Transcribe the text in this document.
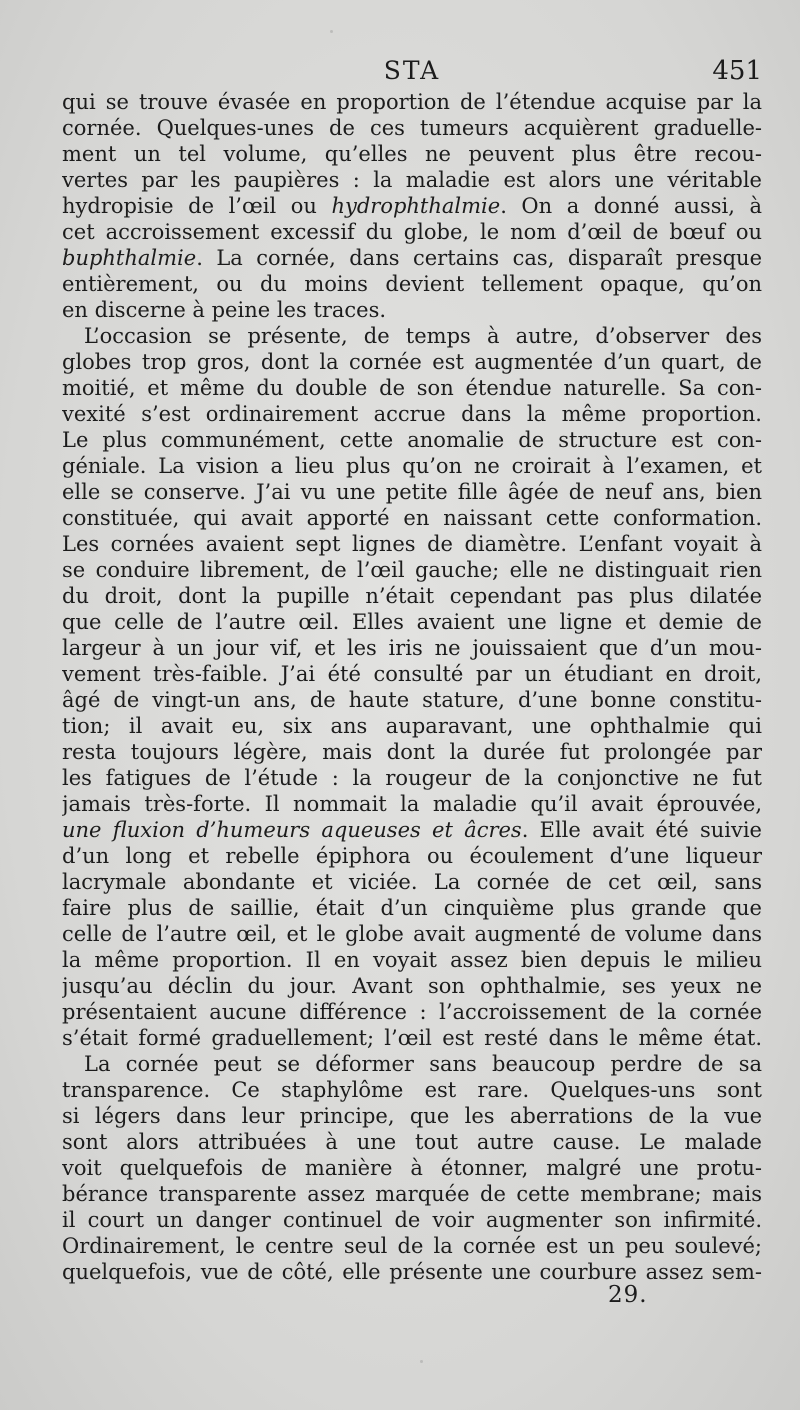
STA	451
qui se trouve évasée en proportion de l’étendue acquise par la
cornée. Quelques-unes de ces tumeurs acquièrent graduelle-
ment un tel volume, qu’elles ne peuvent plus être recou-
vertes par les paupières : la maladie est alors une véritable
hydropisie de l’œil ou hydrophthalmie. On a donné aussi, à
cet accroissement excessif du globe, le nom d’œil de bœuf ou
buphthalmie. La cornée, dans certains cas, disparaît presque
entièrement, ou du moins devient tellement opaque, qu’on
en discerne à peine les traces.
L’occasion se présente, de temps à autre, d’observer des
globes trop gros, dont la cornée est augmentée d’un quart, de
moitié, et même du double de son étendue naturelle. Sa con-
vexité s’est ordinairement accrue dans la même proportion.
Le plus communément, cette anomalie de structure est con-
géniale. La vision a lieu plus qu’on ne croirait à l’examen, et
elle se conserve. J’ai vu une petite fille âgée de neuf ans, bien
constituée, qui avait apporté en naissant cette conformation.
Les cornées avaient sept lignes de diamètre. L’enfant voyait à
se conduire librement, de l’œil gauche; elle ne distinguait rien
du droit, dont la pupille n’était cependant pas plus dilatée
que celle de l’autre œil. Elles avaient une ligne et demie de
largeur à un jour vif, et les iris ne jouissaient que d’un mou-
vement très-faible. J’ai été consulté par un étudiant en droit,
âgé de vingt-un ans, de haute stature, d’une bonne constitu-
tion; il avait eu, six ans auparavant, une ophthalmie qui
resta toujours légère, mais dont la durée fut prolongée par
les fatigues de l’étude : la rougeur de la conjonctive ne fut
jamais très-forte. Il nommait la maladie qu’il avait éprouvée,
une fluxion d’humeurs aqueuses et âcres. Elle avait été suivie
d’un long et rebelle épiphora ou écoulement d’une liqueur
lacrymale abondante et viciée. La cornée de cet œil, sans
faire plus de saillie, était d’un cinquième plus grande que
celle de l’autre œil, et le globe avait augmenté de volume dans
la même proportion. Il en voyait assez bien depuis le milieu
jusqu’au déclin du jour. Avant son ophthalmie, ses yeux ne
présentaient aucune différence : l’accroissement de la cornée
s’était formé graduellement; l’œil est resté dans le même état.
La cornée peut se déformer sans beaucoup perdre de sa
transparence. Ce staphylôme est rare. Quelques-uns sont
si légers dans leur principe, que les aberrations de la vue
sont alors attribuées à une tout autre cause. Le malade
voit quelquefois de manière à étonner, malgré une protu-
bérance transparente assez marquée de cette membrane; mais
il court un danger continuel de voir augmenter son infirmité.
Ordinairement, le centre seul de la cornée est un peu soulevé;
quelquefois, vue de côté, elle présente une courbure assez sem-
29.
